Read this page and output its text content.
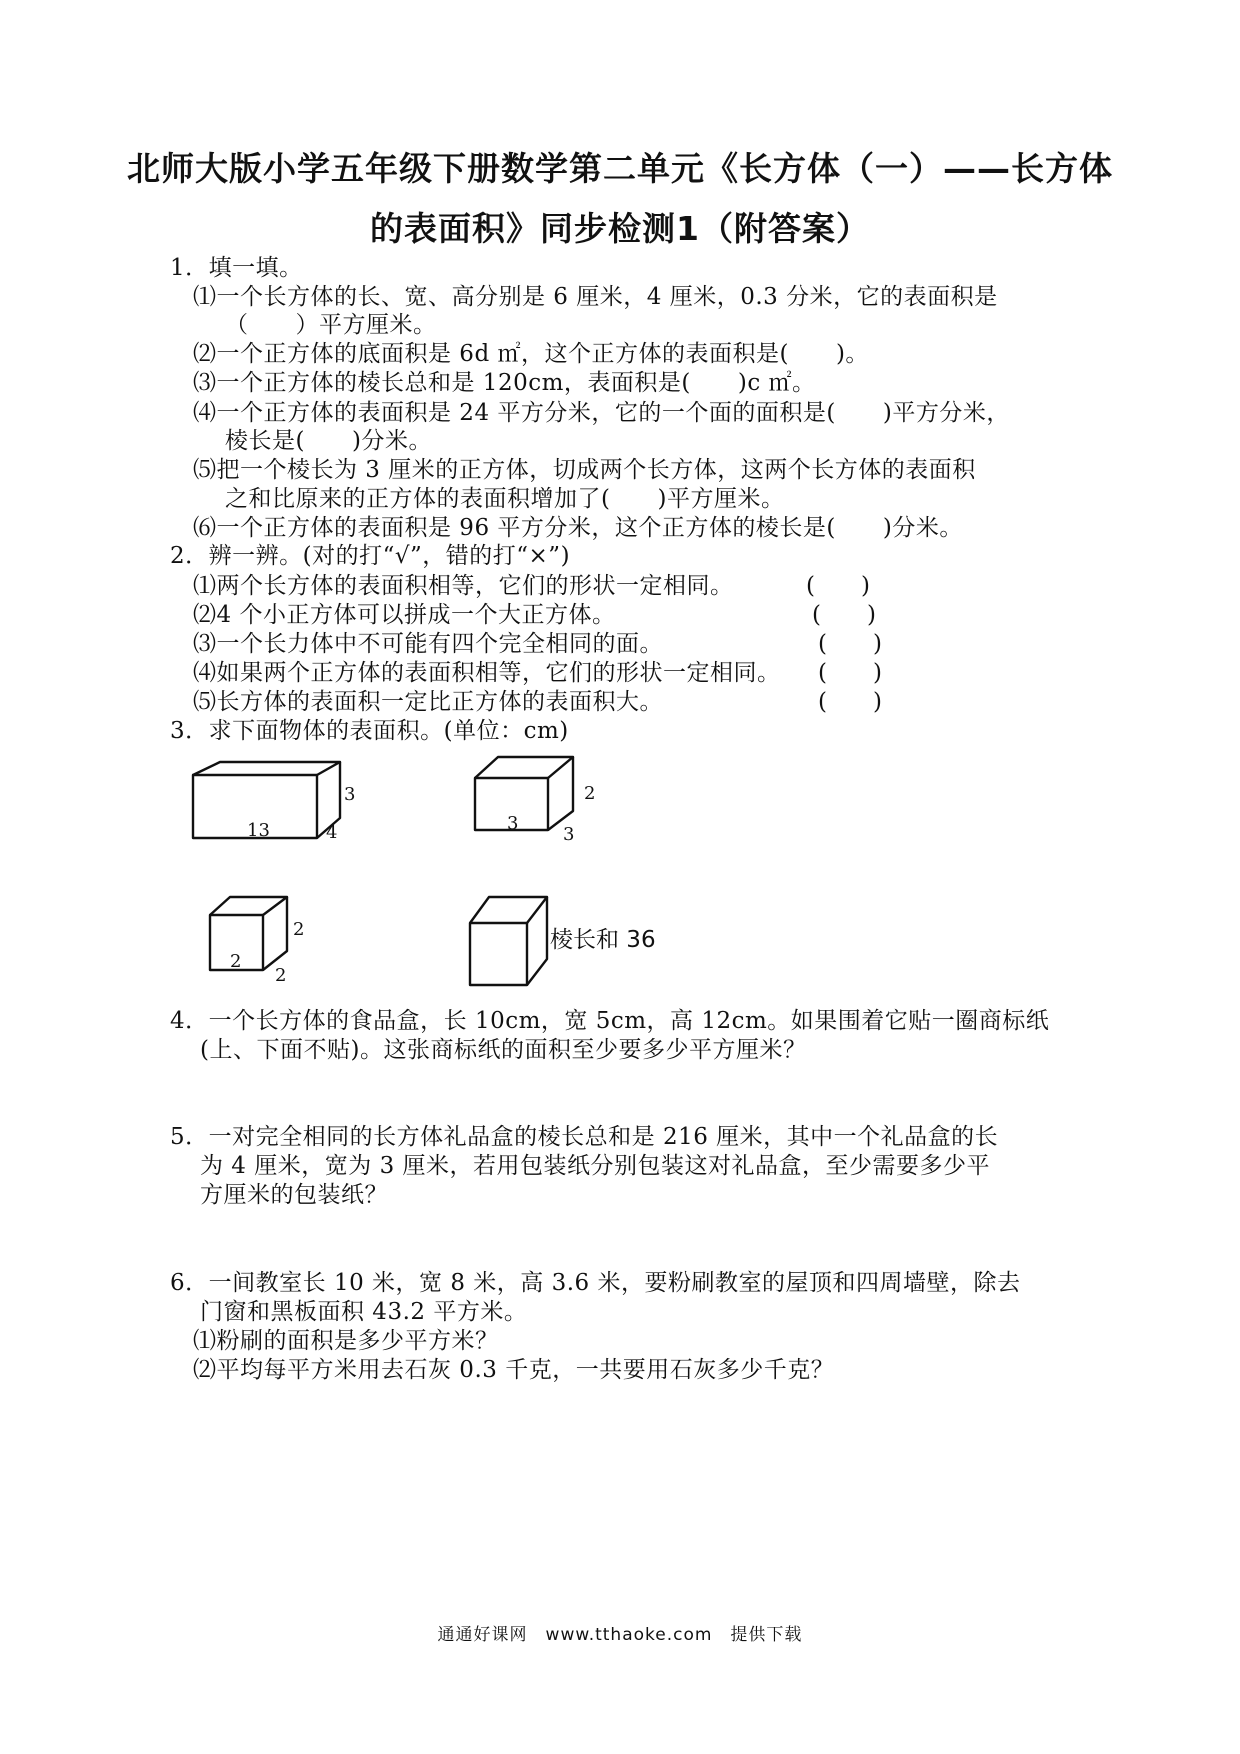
北师大版小学五年级下册数学第二单元《长方体（一）——长方体
的表面积》同步检测1（附答案）
1．填一填。
⑴一个长方体的长、宽、高分别是 6 厘米，4 厘米，0.3 分米，它的表面积是
（　　）平方厘米。
⑵一个正方体的底面积是 6d ㎡，这个正方体的表面积是(　　)。
⑶一个正方体的棱长总和是 120cm，表面积是(　　)c ㎡。
⑷一个正方体的表面积是 24 平方分米，它的一个面的面积是(　　)平方分米，
棱长是(　　)分米。
⑸把一个棱长为 3 厘米的正方体，切成两个长方体，这两个长方体的表面积
之和比原来的正方体的表面积增加了(　　)平方厘米。
⑹一个正方体的表面积是 96 平方分米，这个正方体的棱长是(　　)分米。
2．辨一辨。(对的打“√”，错的打“×”)
⑴两个长方体的表面积相等，它们的形状一定相同。	(　　)
⑵4 个小正方体可以拼成一个大正方体。	(　　)
⑶一个长力体中不可能有四个完全相同的面。	(　　)
⑷如果两个正方体的表面积相等，它们的形状一定相同。 (　　)
⑸长方体的表面积一定比正方体的表面积大。	(　　)
3．求下面物体的表面积。(单位：cm)
13	4
3
3
3
2
2
2
2	棱长和 36
4．一个长方体的食品盒，长 10cm，宽 5cm，高 12cm。如果围着它贴一圈商标纸
(上、下面不贴)。这张商标纸的面积至少要多少平方厘米？
5．一对完全相同的长方体礼品盒的棱长总和是 216 厘米，其中一个礼品盒的长
为 4 厘米，宽为 3 厘米，若用包装纸分别包装这对礼品盒，至少需要多少平
方厘米的包装纸？
6．一间教室长 10 米，宽 8 米，高 3.6 米，要粉刷教室的屋顶和四周墙壁，除去
门窗和黑板面积 43.2 平方米。
⑴粉刷的面积是多少平方米？
⑵平均每平方米用去石灰 0.3 千克，一共要用石灰多少千克？
通通好课网　www.tthaoke.com　提供下载
